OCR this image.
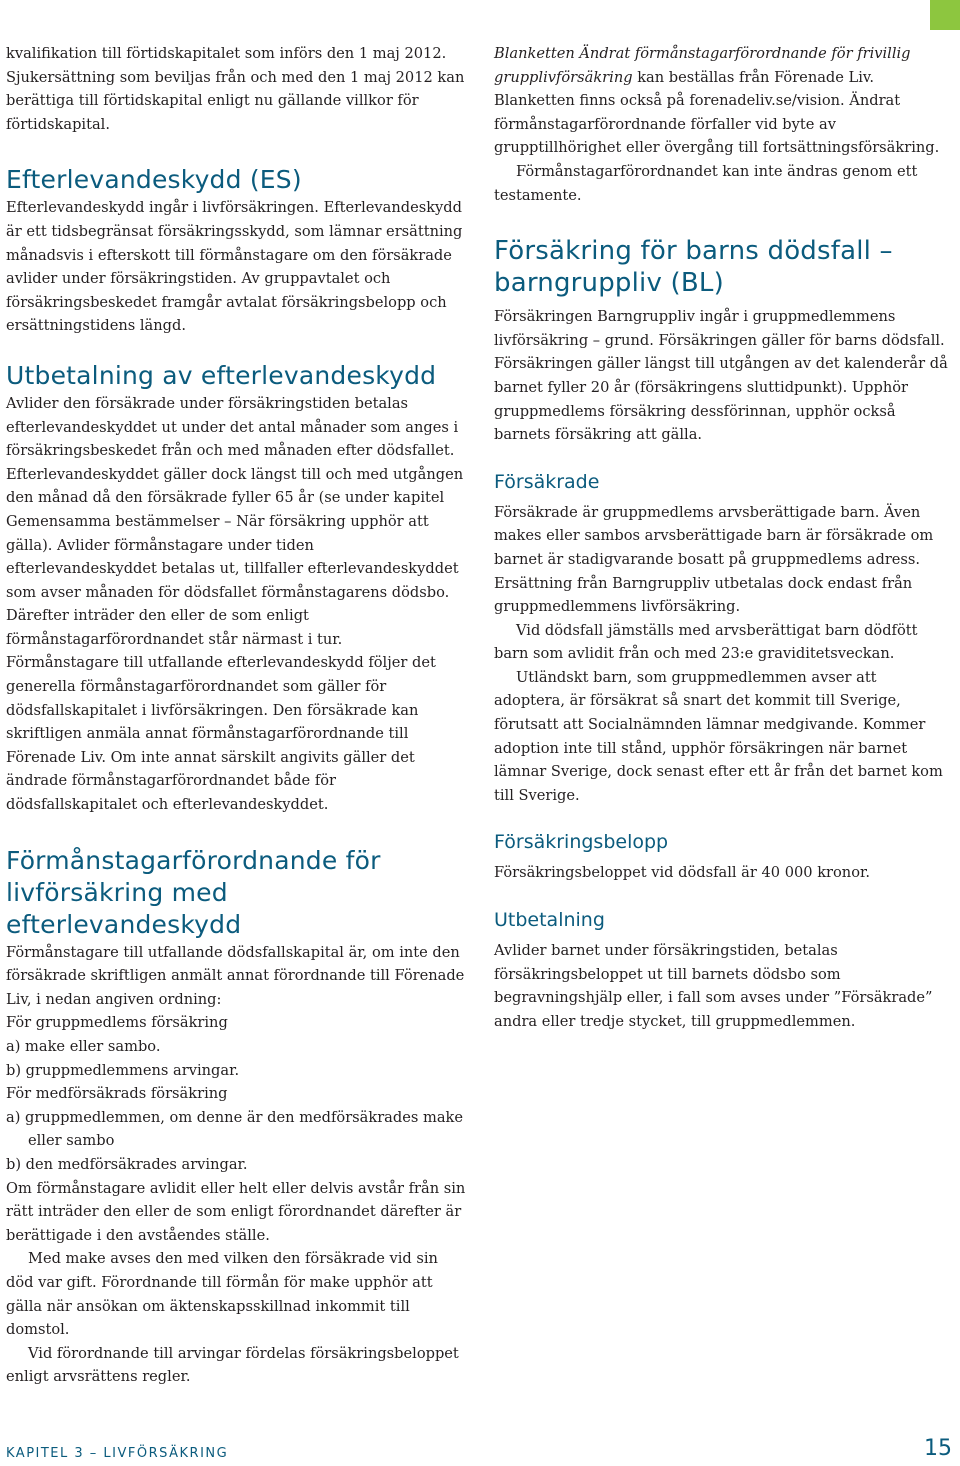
kvalifikation till förtidskapitalet som införs den 1 maj 2012. Sjukersättning som beviljas från och med den 1 maj 2012 kan berättiga till förtidskapital enligt nu gällande villkor för förtidskapital.

Efterlevandeskydd (ES)

Efterlevandeskydd ingår i livförsäkringen. Efterlevandeskydd är ett tidsbegränsat försäkringsskydd, som lämnar ersättning månadsvis i efterskott till förmånstagare om den försäkrade avlider under försäkringstiden. Av gruppavtalet och försäkringsbeskedet framgår avtalat försäkringsbelopp och ersättningstidens längd.

Utbetalning av efterlevandeskydd

Avlider den försäkrade under försäkringstiden betalas efterlevandeskyddet ut under det antal månader som anges i försäkringsbeskedet från och med månaden efter dödsfallet. Efterlevandeskyddet gäller dock längst till och med utgången den månad då den försäkrade fyller 65 år (se under kapitel Gemensamma bestämmelser – När försäkring upphör att gälla). Avlider förmånstagare under tiden efterlevandeskyddet betalas ut, tillfaller efterlevandeskyddet som avser månaden för dödsfallet förmånstagarens dödsbo. Därefter inträder den eller de som enligt förmånstagarförordnandet står närmast i tur.

Förmånstagare till utfallande efterlevandeskydd följer det generella förmånstagarförordnandet som gäller för dödsfallskapitalet i livförsäkringen. Den försäkrade kan skriftligen anmäla annat förmånstagarförordnande till Förenade Liv. Om inte annat särskilt angivits gäller det ändrade förmånstagarförordnandet både för dödsfallskapitalet och efterlevandeskyddet.

Förmånstagarförordnande för livförsäkring med efterlevandeskydd

Förmånstagare till utfallande dödsfallskapital är, om inte den försäkrade skriftligen anmält annat förordnande till Förenade Liv, i nedan angiven ordning:

För gruppmedlems försäkring

a) make eller sambo.

b) gruppmedlemmens arvingar.

För medförsäkrads försäkring

a) gruppmedlemmen, om denne är den medförsäkrades make eller sambo

b) den medförsäkrades arvingar.

Om förmånstagare avlidit eller helt eller delvis avstår från sin rätt inträder den eller de som enligt förordnandet därefter är berättigade i den avståendes ställe.

Med make avses den med vilken den försäkrade vid sin död var gift. Förordnande till förmån för make upphör att gälla när ansökan om äktenskapsskillnad inkommit till domstol.

Vid förordnande till arvingar fördelas försäkringsbeloppet enligt arvsrättens regler.

Blanketten Ändrat förmånstagarförordnande för frivillig grupplivförsäkring kan beställas från Förenade Liv. Blanketten finns också på forenadeliv.se/vision. Ändrat förmånstagarförordnande förfaller vid byte av grupptillhörighet eller övergång till fortsättningsförsäkring.

Förmånstagarförordnandet kan inte ändras genom ett testamente.

Försäkring för barns dödsfall – barngruppliv (BL)

Försäkringen Barngruppliv ingår i gruppmedlemmens livförsäkring – grund. Försäkringen gäller för barns dödsfall. Försäkringen gäller längst till utgången av det kalenderår då barnet fyller 20 år (försäkringens sluttidpunkt). Upphör gruppmedlems försäkring dessförinnan, upphör också barnets försäkring att gälla.

Försäkrade

Försäkrade är gruppmedlems arvsberättigade barn. Även makes eller sambos arvsberättigade barn är försäkrade om barnet är stadigvarande bosatt på gruppmedlems adress. Ersättning från Barngruppliv utbetalas dock endast från gruppmedlemmens livförsäkring.

Vid dödsfall jämställs med arvsberättigat barn dödfött barn som avlidit från och med 23:e graviditetsveckan.

Utländskt barn, som gruppmedlemmen avser att adoptera, är försäkrat så snart det kommit till Sverige, förutsatt att Socialnämnden lämnar medgivande. Kommer adoption inte till stånd, upphör försäkringen när barnet lämnar Sverige, dock senast efter ett år från det barnet kom till Sverige.

Försäkringsbelopp

Försäkringsbeloppet vid dödsfall är 40 000 kronor.

Utbetalning

Avlider barnet under försäkringstiden, betalas försäkringsbeloppet ut till barnets dödsbo som begravningshjälp eller, i fall som avses under ”Försäkrade” andra eller tredje stycket, till gruppmedlemmen.

KAPITEL 3 – LIVFÖRSÄKRING	15
